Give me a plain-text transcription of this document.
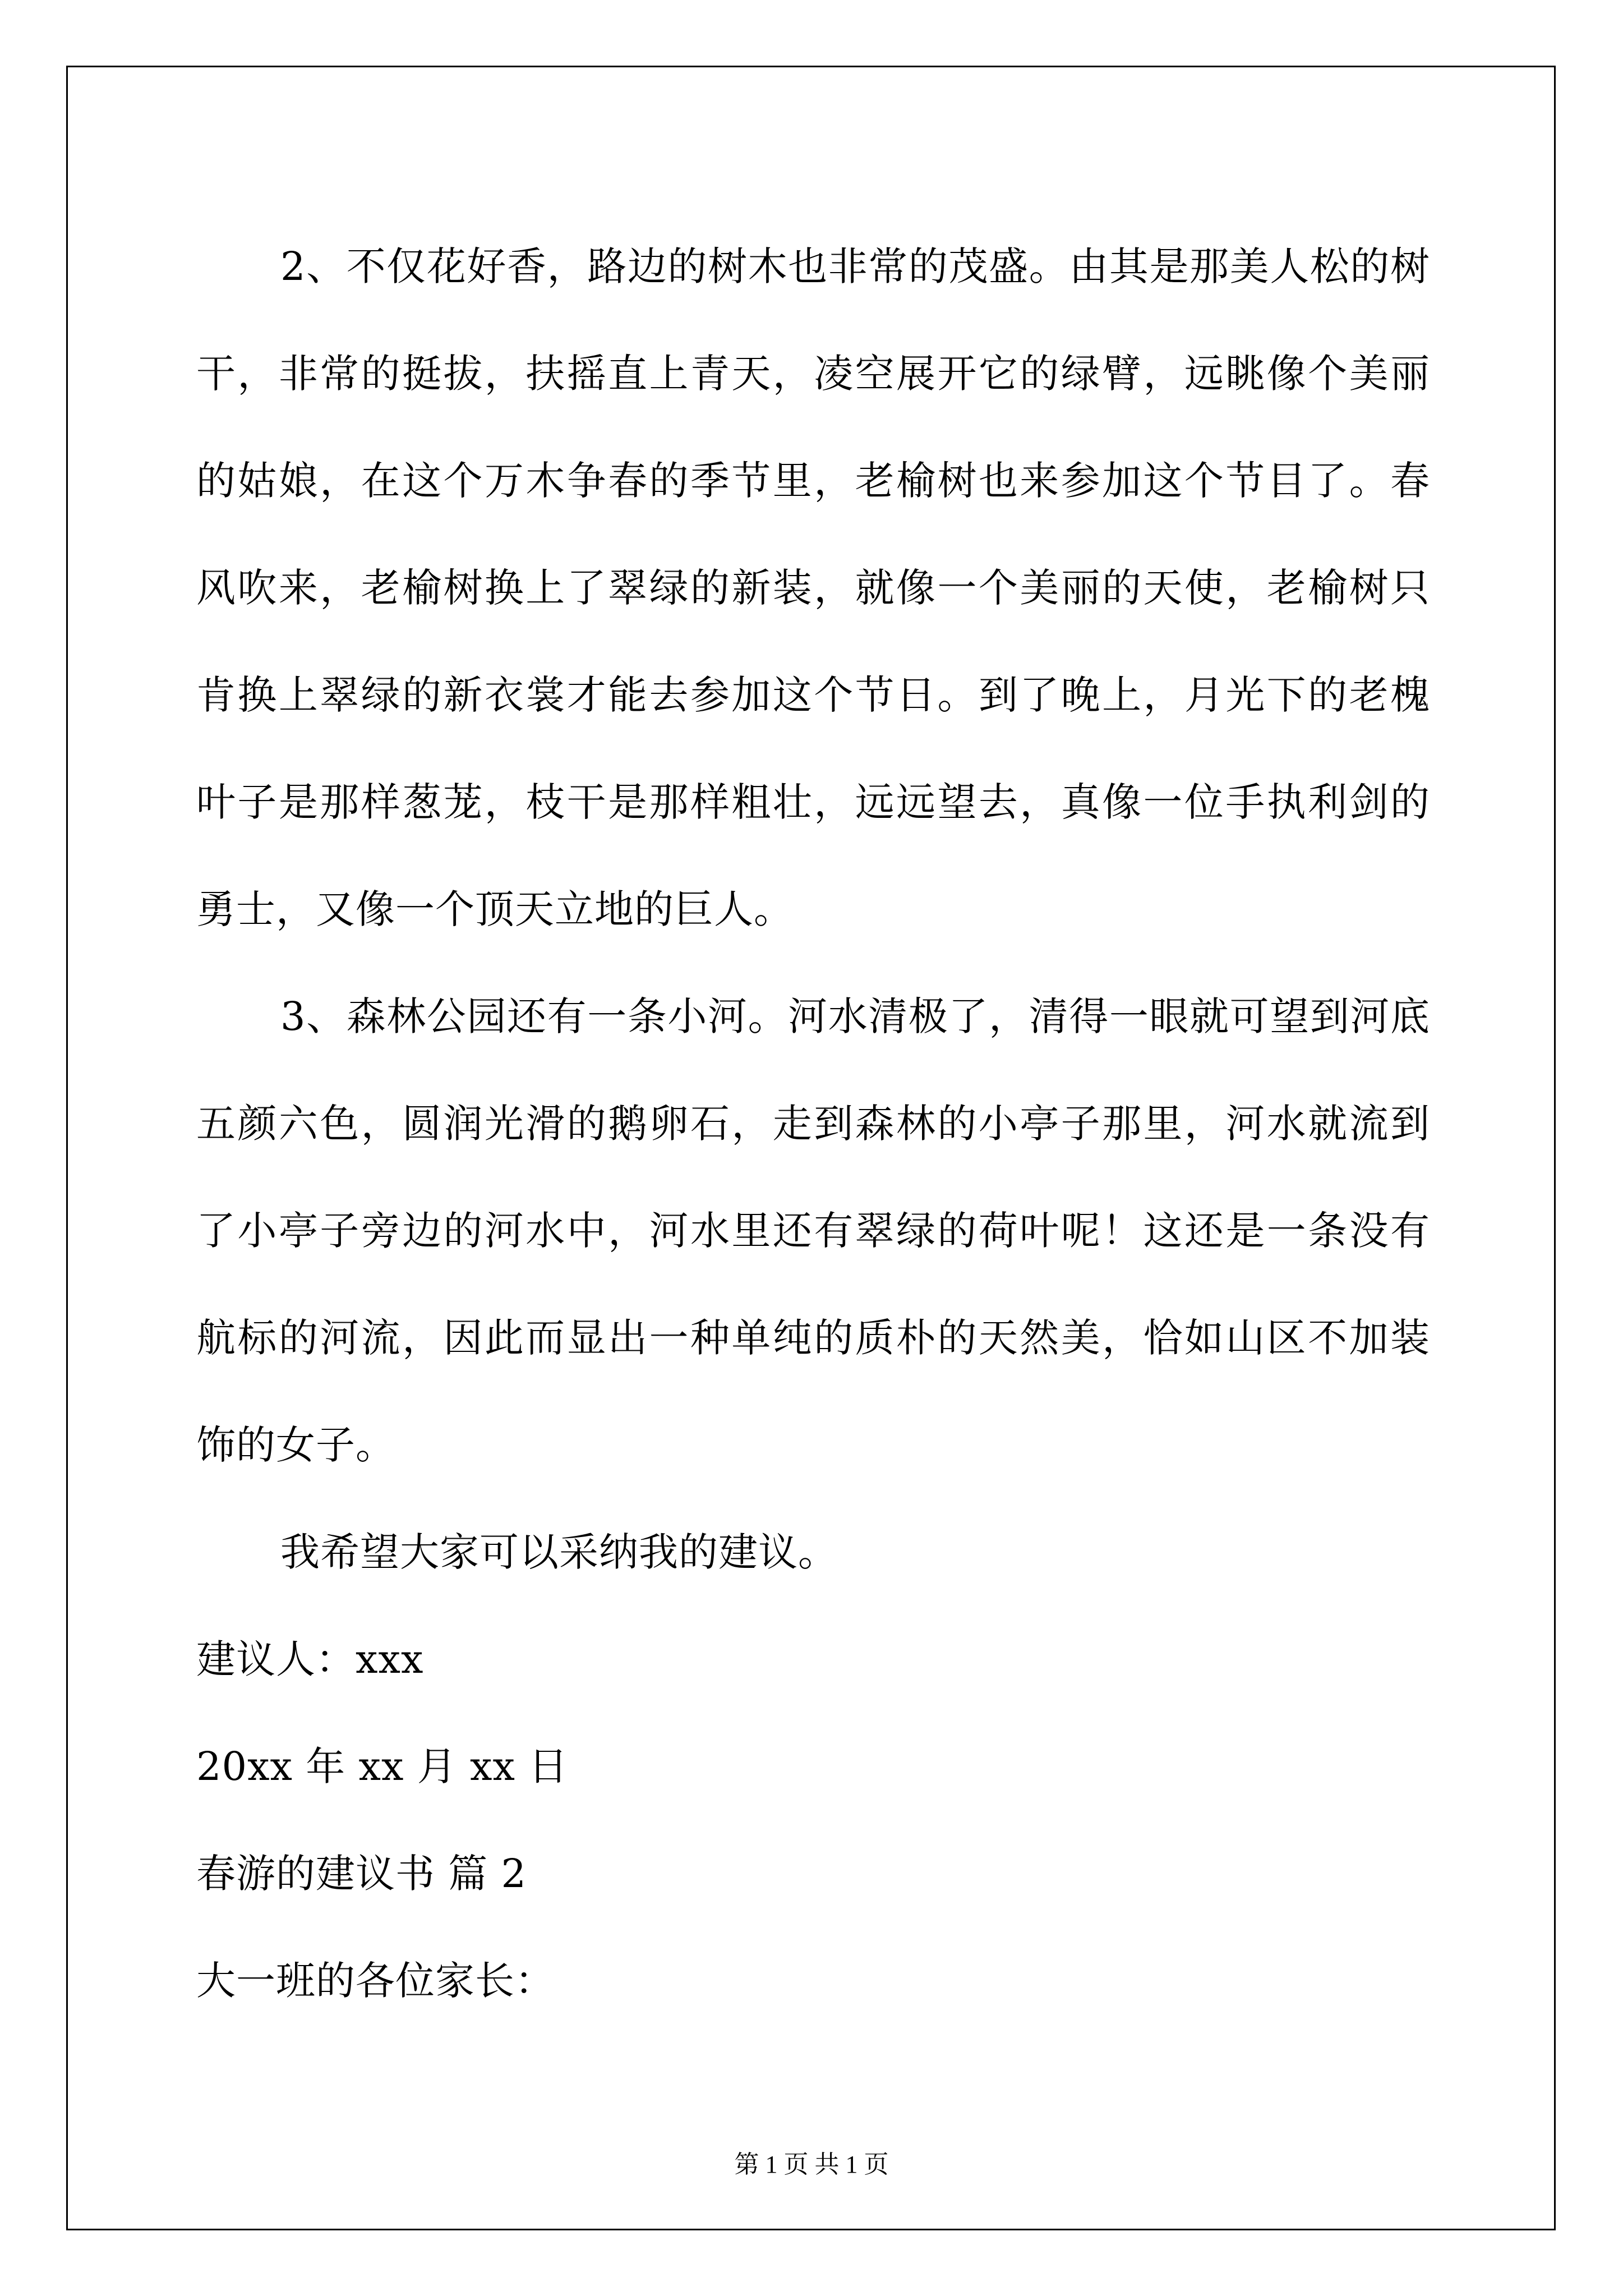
2、不仅花好香，路边的树木也非常的茂盛。由其是那美人松的树干，非常的挺拔，扶摇直上青天，凌空展开它的绿臂，远眺像个美丽的姑娘，在这个万木争春的季节里，老榆树也来参加这个节目了。春风吹来，老榆树换上了翠绿的新装，就像一个美丽的天使，老榆树只肯换上翠绿的新衣裳才能去参加这个节日。到了晚上，月光下的老槐叶子是那样葱茏，枝干是那样粗壮，远远望去，真像一位手执利剑的勇士，又像一个顶天立地的巨人。

3、森林公园还有一条小河。河水清极了，清得一眼就可望到河底五颜六色，圆润光滑的鹅卵石，走到森林的小亭子那里，河水就流到了小亭子旁边的河水中，河水里还有翠绿的荷叶呢！这还是一条没有航标的河流，因此而显出一种单纯的质朴的天然美，恰如山区不加装饰的女子。

我希望大家可以采纳我的建议。

建议人：xxx

20xx 年 xx 月 xx 日

春游的建议书 篇 2

大一班的各位家长：

第 1 页 共 1 页
